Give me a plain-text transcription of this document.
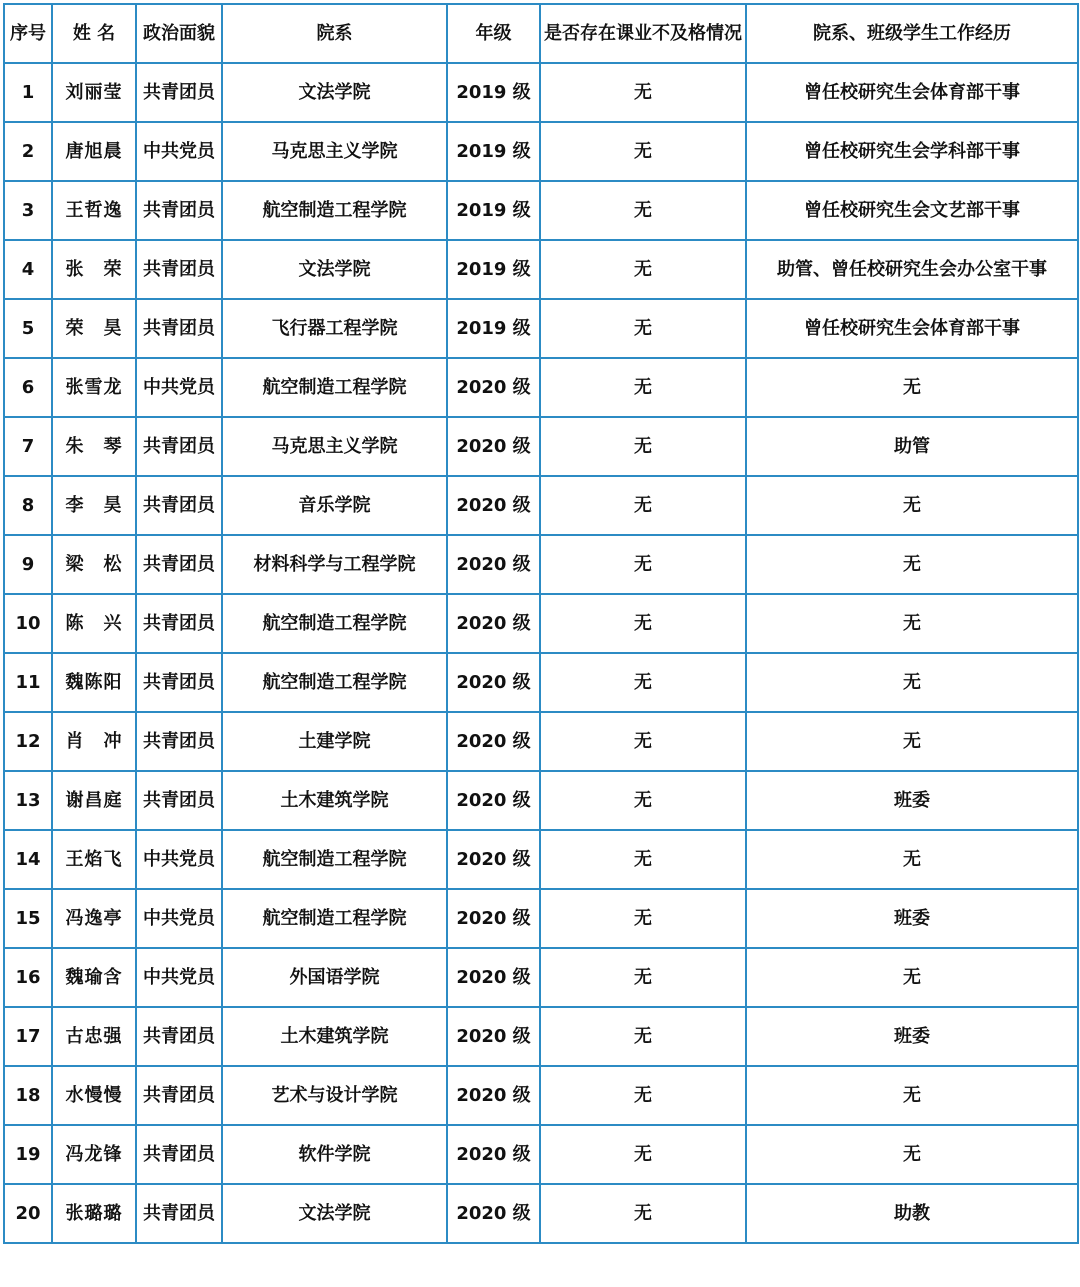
序号	姓 名	政治面貌	院系	年级	是否存在课业不及格情况	院系、班级学生工作经历
1	刘丽莹	共青团员	文法学院	2019 级	无	曾任校研究生会体育部干事
2	唐旭晨	中共党员	马克思主义学院	2019 级	无	曾任校研究生会学科部干事
3	王哲逸	共青团员	航空制造工程学院	2019 级	无	曾任校研究生会文艺部干事
4	张　荣	共青团员	文法学院	2019 级	无	助管、曾任校研究生会办公室干事
5	荣　昊	共青团员	飞行器工程学院	2019 级	无	曾任校研究生会体育部干事
6	张雪龙	中共党员	航空制造工程学院	2020 级	无	无
7	朱　琴	共青团员	马克思主义学院	2020 级	无	助管
8	李　昊	共青团员	音乐学院	2020 级	无	无
9	梁　松	共青团员	材料科学与工程学院	2020 级	无	无
10	陈　兴	共青团员	航空制造工程学院	2020 级	无	无
11	魏陈阳	共青团员	航空制造工程学院	2020 级	无	无
12	肖　冲	共青团员	土建学院	2020 级	无	无
13	谢昌庭	共青团员	土木建筑学院	2020 级	无	班委
14	王焰飞	中共党员	航空制造工程学院	2020 级	无	无
15	冯逸亭	中共党员	航空制造工程学院	2020 级	无	班委
16	魏瑜含	中共党员	外国语学院	2020 级	无	无
17	古忠强	共青团员	土木建筑学院	2020 级	无	班委
18	水慢慢	共青团员	艺术与设计学院	2020 级	无	无
19	冯龙锋	共青团员	软件学院	2020 级	无	无
20	张璐璐	共青团员	文法学院	2020 级	无	助教
